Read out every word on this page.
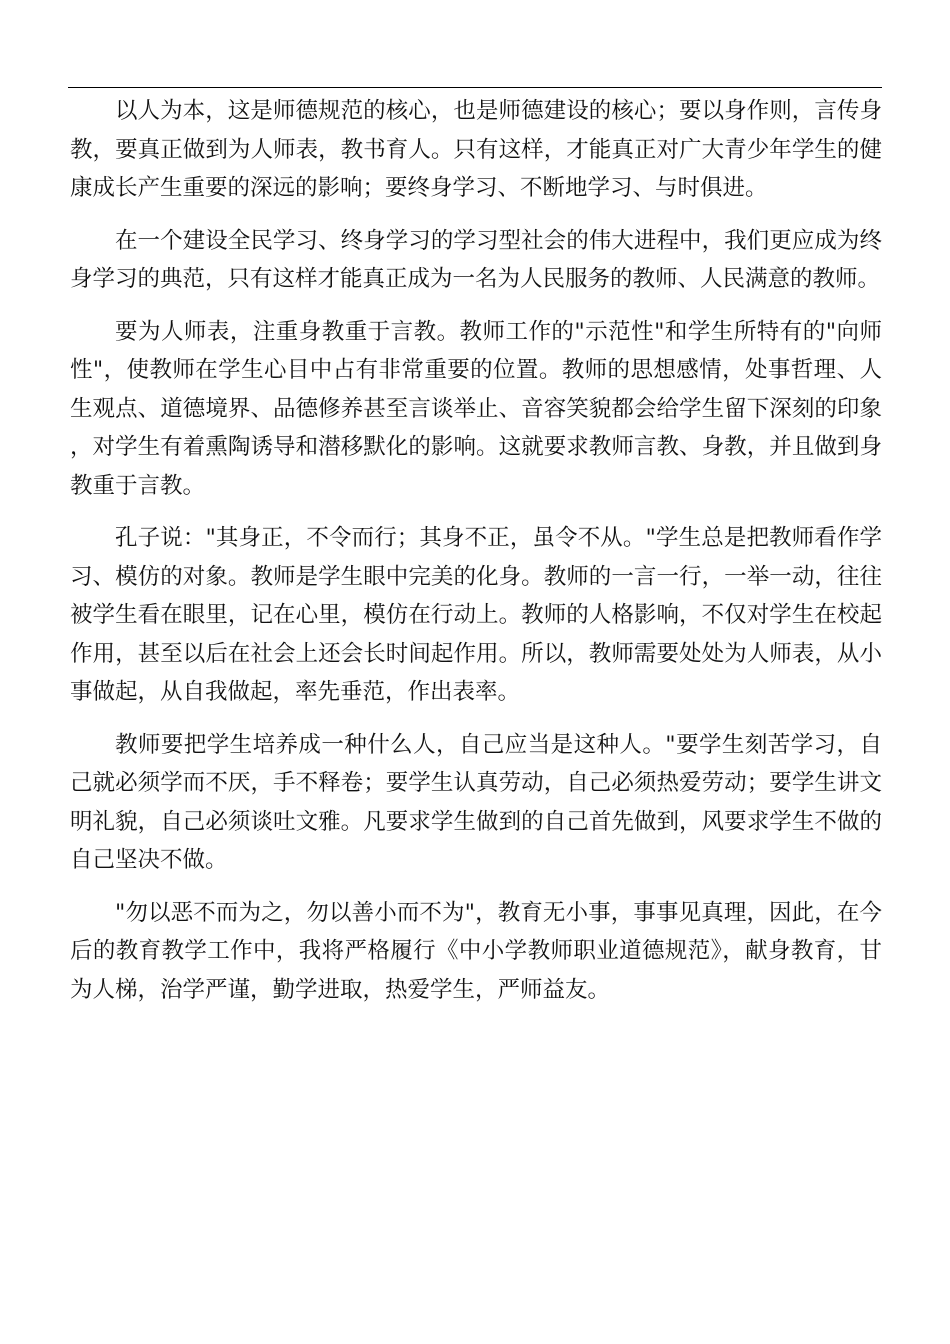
以人为本，这是师德规范的核心，也是师德建设的核心；要以身作则，言传身教，要真正做到为人师表，教书育人。只有这样，才能真正对广大青少年学生的健康成长产生重要的深远的影响；要终身学习、不断地学习、与时俱进。

在一个建设全民学习、终身学习的学习型社会的伟大进程中，我们更应成为终身学习的典范，只有这样才能真正成为一名为人民服务的教师、人民满意的教师。

要为人师表，注重身教重于言教。教师工作的"示范性"和学生所特有的"向师性"，使教师在学生心目中占有非常重要的位置。教师的思想感情，处事哲理、人生观点、道德境界、品德修养甚至言谈举止、音容笑貌都会给学生留下深刻的印象，对学生有着熏陶诱导和潜移默化的影响。这就要求教师言教、身教，并且做到身教重于言教。

孔子说："其身正，不令而行；其身不正，虽令不从。"学生总是把教师看作学习、模仿的对象。教师是学生眼中完美的化身。教师的一言一行，一举一动，往往被学生看在眼里，记在心里，模仿在行动上。教师的人格影响，不仅对学生在校起作用，甚至以后在社会上还会长时间起作用。所以，教师需要处处为人师表，从小事做起，从自我做起，率先垂范，作出表率。

教师要把学生培养成一种什么人，自己应当是这种人。"要学生刻苦学习，自己就必须学而不厌，手不释卷；要学生认真劳动，自己必须热爱劳动；要学生讲文明礼貌，自己必须谈吐文雅。凡要求学生做到的自己首先做到，风要求学生不做的自己坚决不做。

"勿以恶不而为之，勿以善小而不为"，教育无小事，事事见真理，因此，在今后的教育教学工作中，我将严格履行《中小学教师职业道德规范》，献身教育，甘为人梯，治学严谨，勤学进取，热爱学生，严师益友。
